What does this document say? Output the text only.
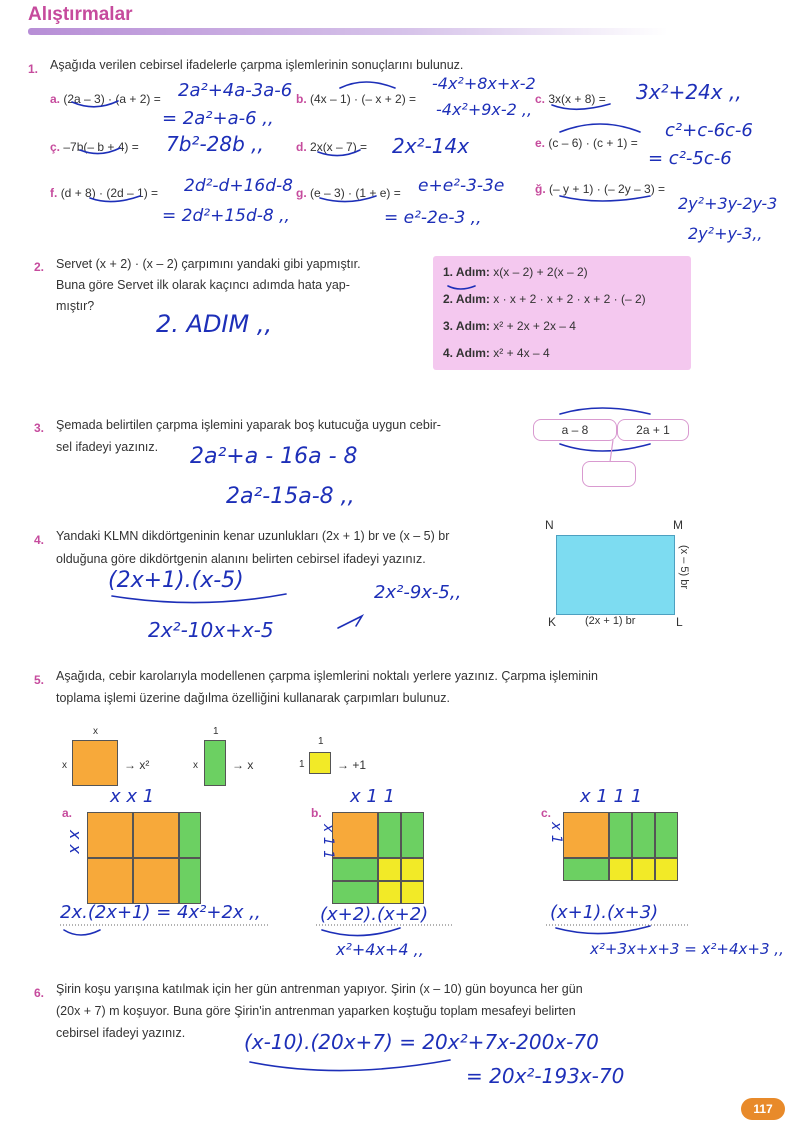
Alıştırmalar
1. Aşağıda verilen cebirsel ifadelerle çarpma işlemlerinin sonuçlarını bulunuz.
a. (2a – 3) · (a + 2) = 2a²+4a-3a-6
= 2a²+a-6 ,,
b. (4x – 1) · (– x + 2) =
-4x²+8x+x-2
-4x²+9x-2 ,,
c. 3x(x + 8) = 3x²+24x ,,
ç. –7b(– b + 4) = 7b²-28b ,,	d. 2x(x – 7) = 2x²-14x	e. (c – 6) · (c + 1) =
c²+c-6c-6
= c²-5c-6
f. (d + 8) · (2d – 1) = 2d²-d+16d-8
= 2d²+15d-8 ,,
g. (e – 3) · (1 + e) = e+e²-3-3e
= e²-2e-3 ,,
ğ. (– y + 1) · (– 2y – 3) =
2y²+3y-2y-3
2y²+y-3,,
2. Servet (x + 2) · (x – 2) çarpımını yandaki gibi yapmıştır.
Buna göre Servet ilk olarak kaçıncı adımda hata yap-
mıştır?
2. ADIM ,,
1. Adım: x(x – 2) + 2(x – 2)
2. Adım: x · x + 2 · x + 2 · x + 2 · (– 2)
3. Adım: x² + 2x + 2x – 4
4. Adım: x² + 4x – 4
3. Şemada belirtilen çarpma işlemini yaparak boş kutucuğa uygun cebir-
sel ifadeyi yazınız.
a – 8	2a + 1
2a²+a - 16a - 8
2a²-15a-8 ,,
4. Yandaki KLMN dikdörtgeninin kenar uzunlukları (2x + 1) br ve (x – 5) br
olduğuna göre dikdörtgenin alanını belirten cebirsel ifadeyi yazınız.
N	M
K	L
(2x + 1) br
(x – 5) br
(2x+1).(x-5)
2x²-10x+x-5
2x²-9x-5,,
5. Aşağıda, cebir karolarıyla modellenen çarpma işlemlerini noktalı yerlere yazınız. Çarpma işleminin
toplama işlemi üzerine dağılma özelliğini kullanarak çarpımları bulunuz.
x
x	→ x²
1
x	→ x
1
1	→ +1
a.
x x 1
x x
2x.(2x+1) = 4x²+2x ,,
b.
x 1 1
x 1 1
(x+2).(x+2)
x²+4x+4 ,,
c.
x 1 1 1
x 1
(x+1).(x+3)
x²+3x+x+3 = x²+4x+3 ,,
6. Şirin koşu yarışına katılmak için her gün antrenman yapıyor. Şirin (x – 10) gün boyunca her gün
(20x + 7) m koşuyor. Buna göre Şirin'in antrenman yaparken koştuğu toplam mesafeyi belirten
cebirsel ifadeyi yazınız.	(x-10).(20x+7) = 20x²+7x-200x-70
= 20x²-193x-70
117
